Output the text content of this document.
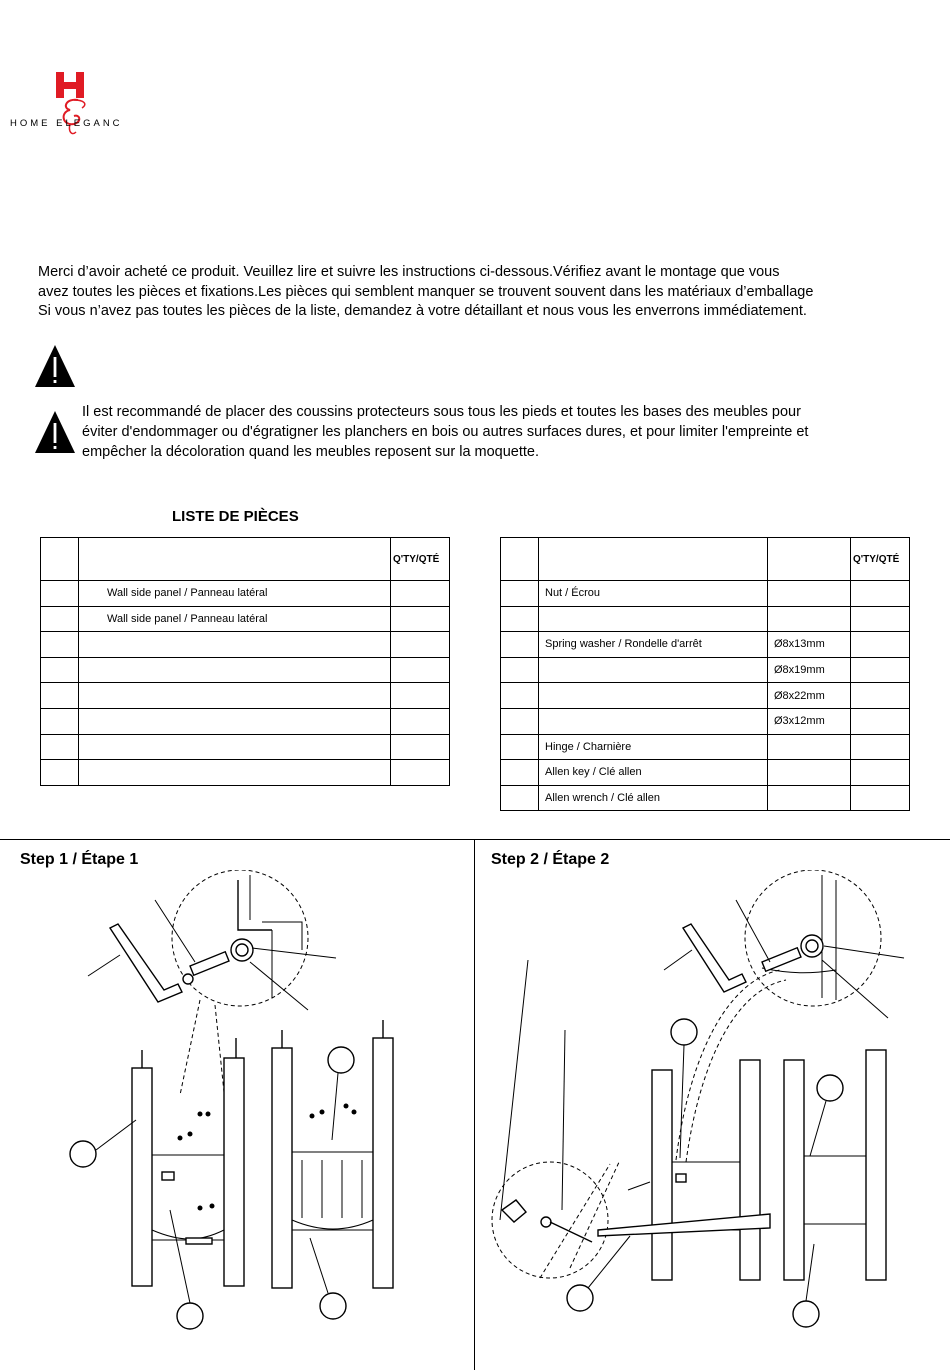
HOME ELEGANC
Merci d’avoir acheté ce produit. Veuillez lire et suivre les instructions ci-dessous.Vérifiez avant le montage que vous
avez toutes les pièces et fixations.Les pièces qui semblent manquer se trouvent souvent dans les matériaux d’emballage
Si vous n’avez pas toutes les pièces de la liste, demandez à votre détaillant et nous vous les enverrons immédiatement.
Il est recommandé de placer des coussins protecteurs sous tous les pieds et toutes les bases des meubles pour
éviter d'endommager ou d'égratigner les planchers en bois ou autres surfaces dures, et pour limiter l'empreinte et
empêcher la décoloration quand les meubles reposent sur la moquette.
LISTE DE PIÈCES
		Q'TY/QTÉ
	Wall side panel / Panneau latéral	
	Wall side panel / Panneau latéral	

			Q'TY/QTÉ
	Nut / Écrou		

	Spring washer / Rondelle d'arrêt	Ø8x13mm	
		Ø8x19mm	
		Ø8x22mm	
		Ø3x12mm	
	Hinge / Charnière		
	Allen key / Clé allen		
	Allen wrench / Clé allen		
Step 1 / Étape 1	Step 2 / Étape 2
